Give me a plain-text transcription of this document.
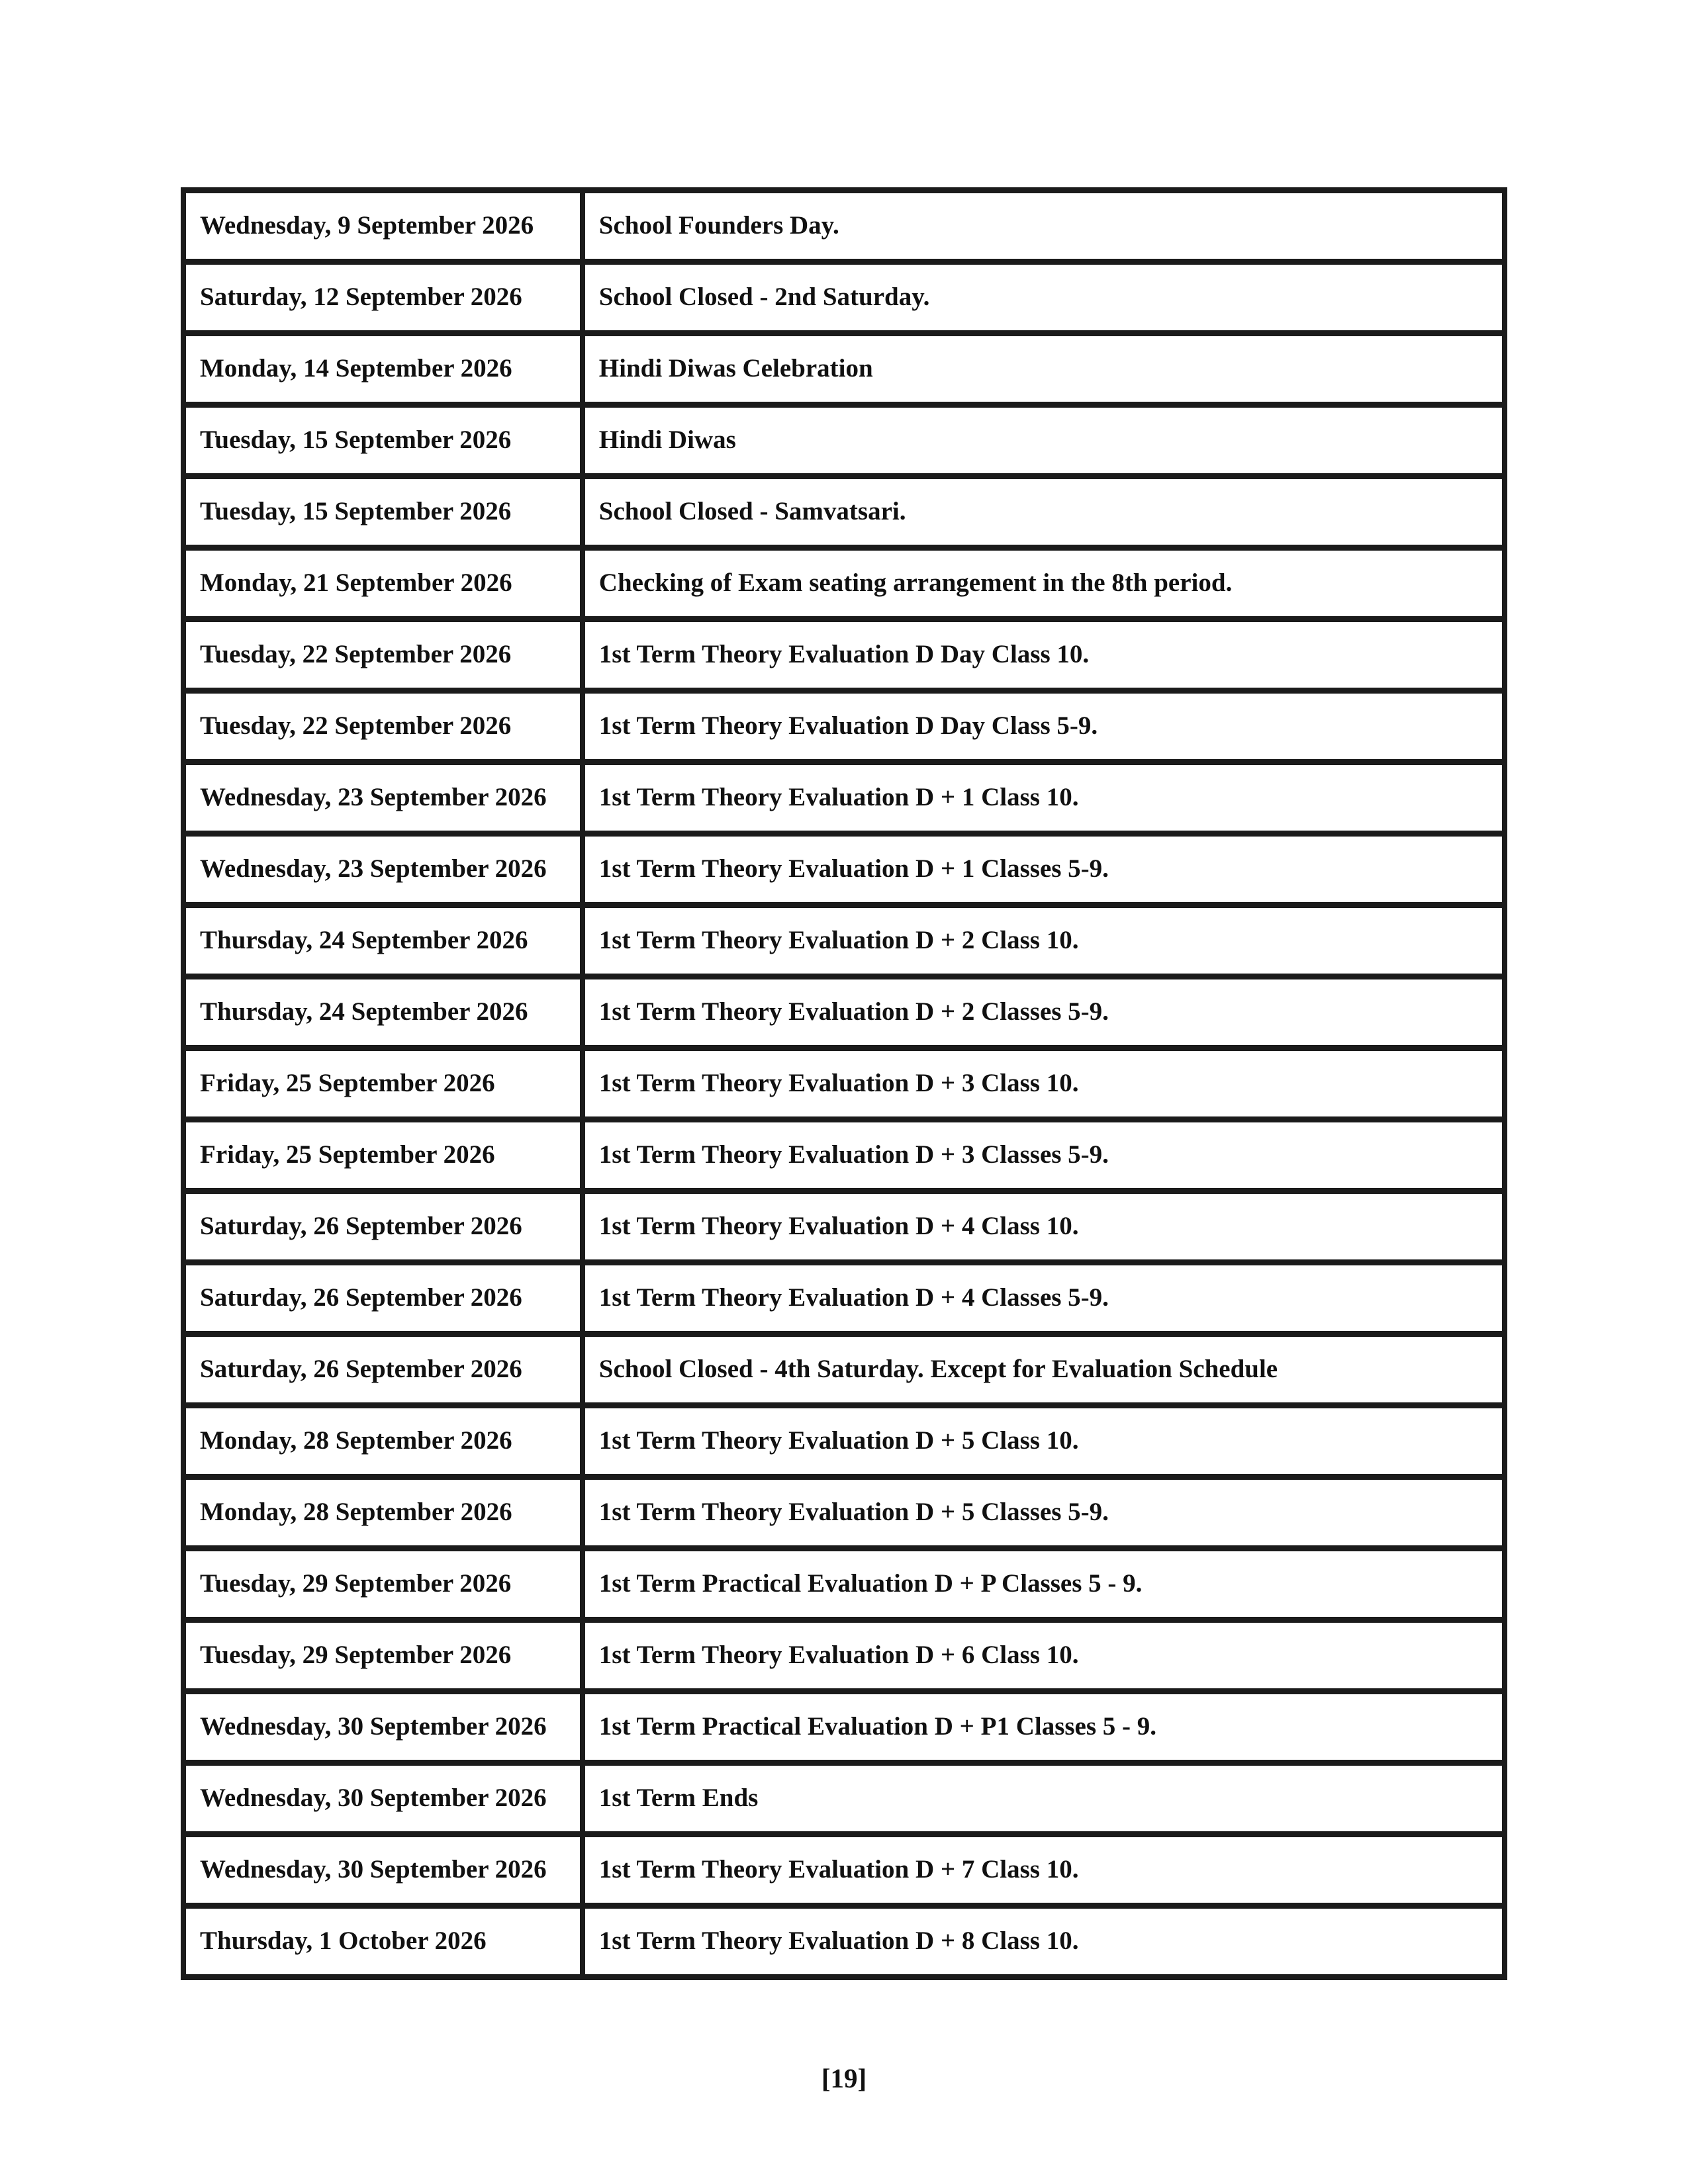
Wednesday, 9 September 2026	School Founders Day.
Saturday, 12 September 2026	School Closed - 2nd Saturday.
Monday, 14 September 2026	Hindi Diwas Celebration
Tuesday, 15 September 2026	Hindi Diwas
Tuesday, 15 September 2026	School Closed - Samvatsari.
Monday, 21 September 2026	Checking of Exam seating arrangement in the 8th period.
Tuesday, 22 September 2026	1st Term Theory Evaluation D Day Class 10.
Tuesday, 22 September 2026	1st Term Theory Evaluation D Day Class 5-9.
Wednesday, 23 September 2026	1st Term Theory Evaluation D + 1 Class 10.
Wednesday, 23 September 2026	1st Term Theory Evaluation D + 1 Classes 5-9.
Thursday, 24 September 2026	1st Term Theory Evaluation D + 2 Class 10.
Thursday, 24 September 2026	1st Term Theory Evaluation D + 2 Classes 5-9.
Friday, 25 September 2026	1st Term Theory Evaluation D + 3 Class 10.
Friday, 25 September 2026	1st Term Theory Evaluation D + 3 Classes 5-9.
Saturday, 26 September 2026	1st Term Theory Evaluation D + 4 Class 10.
Saturday, 26 September 2026	1st Term Theory Evaluation D + 4 Classes 5-9.
Saturday, 26 September 2026	School Closed - 4th Saturday. Except for Evaluation Schedule
Monday, 28 September 2026	1st Term Theory Evaluation D + 5 Class 10.
Monday, 28 September 2026	1st Term Theory Evaluation D + 5 Classes 5-9.
Tuesday, 29 September 2026	1st Term Practical Evaluation D + P Classes 5 - 9.
Tuesday, 29 September 2026	1st Term Theory Evaluation D + 6 Class 10.
Wednesday, 30 September 2026	1st Term Practical Evaluation D + P1 Classes 5 - 9.
Wednesday, 30 September 2026	1st Term Ends
Wednesday, 30 September 2026	1st Term Theory Evaluation D + 7 Class 10.
Thursday, 1 October 2026	1st Term Theory Evaluation D + 8 Class 10.
[19]
